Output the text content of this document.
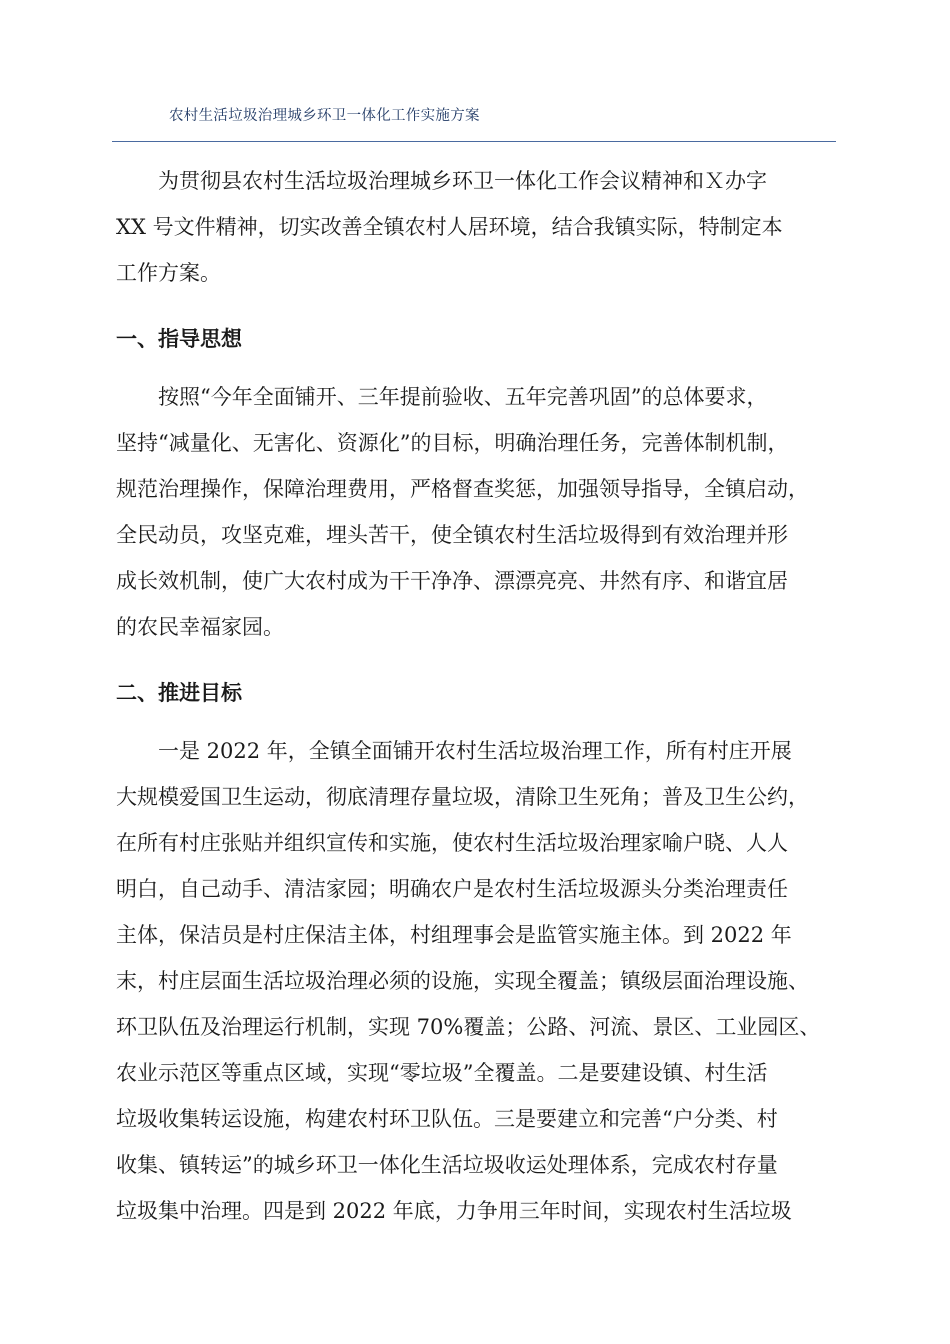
农村生活垃圾治理城乡环卫一体化工作实施方案
　　为贯彻县农村生活垃圾治理城乡环卫一体化工作会议精神和Ｘ办字
XX 号文件精神，切实改善全镇农村人居环境，结合我镇实际，特制定本
工作方案。
一、指导思想
　　按照“今年全面铺开、三年提前验收、五年完善巩固”的总体要求，
坚持“减量化、无害化、资源化”的目标，明确治理任务，完善体制机制，
规范治理操作，保障治理费用，严格督查奖惩，加强领导指导，全镇启动，
全民动员，攻坚克难，埋头苦干，使全镇农村生活垃圾得到有效治理并形
成长效机制，使广大农村成为干干净净、漂漂亮亮、井然有序、和谐宜居
的农民幸福家园。
二、推进目标
　　一是 2022 年，全镇全面铺开农村生活垃圾治理工作，所有村庄开展
大规模爱国卫生运动，彻底清理存量垃圾，清除卫生死角；普及卫生公约，
在所有村庄张贴并组织宣传和实施，使农村生活垃圾治理家喻户晓、人人
明白，自己动手、清洁家园；明确农户是农村生活垃圾源头分类治理责任
主体，保洁员是村庄保洁主体，村组理事会是监管实施主体。到 2022 年
末，村庄层面生活垃圾治理必须的设施，实现全覆盖；镇级层面治理设施、
环卫队伍及治理运行机制，实现 70%覆盖；公路、河流、景区、工业园区、
农业示范区等重点区域，实现“零垃圾”全覆盖。二是要建设镇、村生活
垃圾收集转运设施，构建农村环卫队伍。三是要建立和完善“户分类、村
收集、镇转运”的城乡环卫一体化生活垃圾收运处理体系，完成农村存量
垃圾集中治理。四是到 2022 年底，力争用三年时间，实现农村生活垃圾
